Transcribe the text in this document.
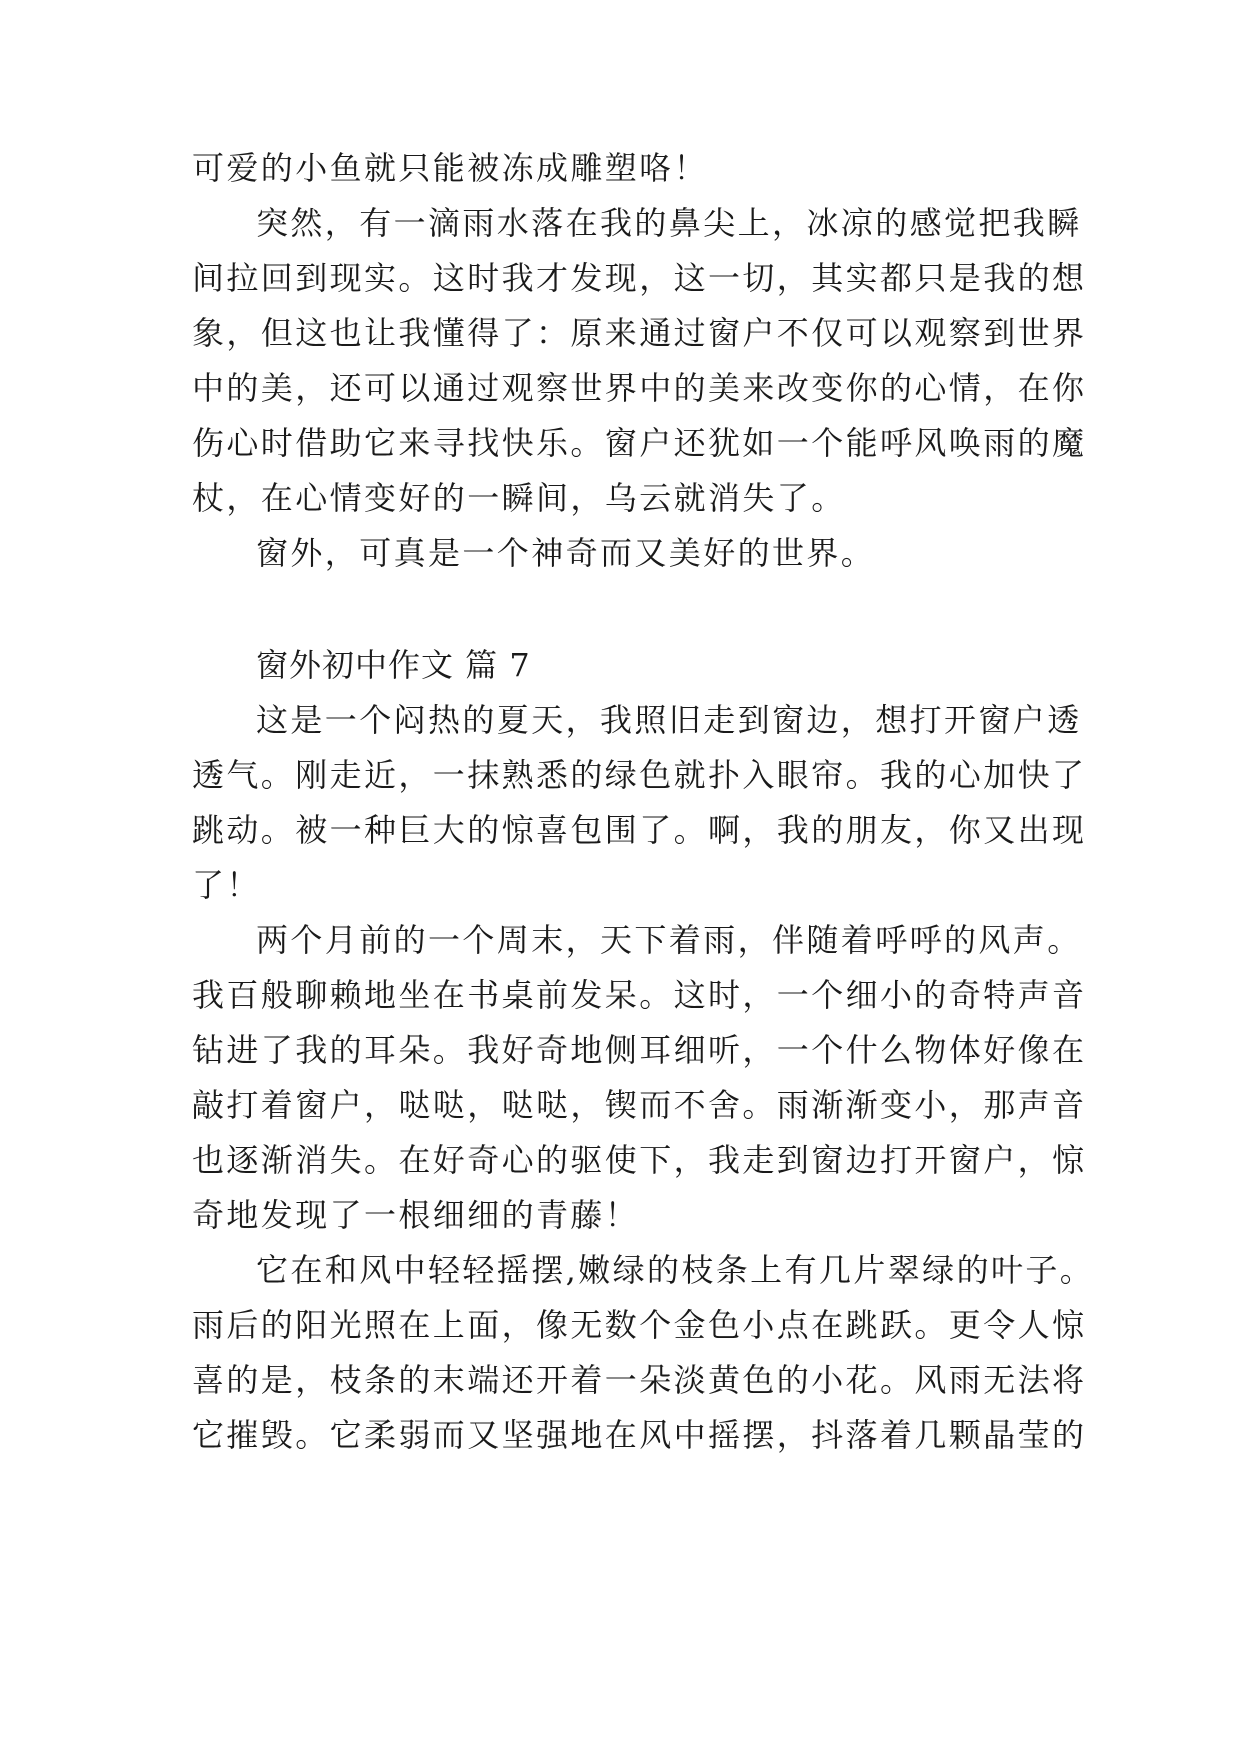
可爱的小鱼就只能被冻成雕塑咯！
突然，有一滴雨水落在我的鼻尖上，冰凉的感觉把我瞬
间拉回到现实。这时我才发现，这一切，其实都只是我的想
象，但这也让我懂得了：原来通过窗户不仅可以观察到世界
中的美，还可以通过观察世界中的美来改变你的心情，在你
伤心时借助它来寻找快乐。窗户还犹如一个能呼风唤雨的魔
杖，在心情变好的一瞬间，乌云就消失了。
窗外，可真是一个神奇而又美好的世界。
窗外初中作文 篇 7
这是一个闷热的夏天，我照旧走到窗边，想打开窗户透
透气。刚走近，一抹熟悉的绿色就扑入眼帘。我的心加快了
跳动。被一种巨大的惊喜包围了。啊，我的朋友，你又出现
了！
两个月前的一个周末，天下着雨，伴随着呼呼的风声。
我百般聊赖地坐在书桌前发呆。这时，一个细小的奇特声音
钻进了我的耳朵。我好奇地侧耳细听，一个什么物体好像在
敲打着窗户，哒哒，哒哒，锲而不舍。雨渐渐变小，那声音
也逐渐消失。在好奇心的驱使下，我走到窗边打开窗户，惊
奇地发现了一根细细的青藤！
它在和风中轻轻摇摆,嫩绿的枝条上有几片翠绿的叶子。
雨后的阳光照在上面，像无数个金色小点在跳跃。更令人惊
喜的是，枝条的末端还开着一朵淡黄色的小花。风雨无法将
它摧毁。它柔弱而又坚强地在风中摇摆，抖落着几颗晶莹的
